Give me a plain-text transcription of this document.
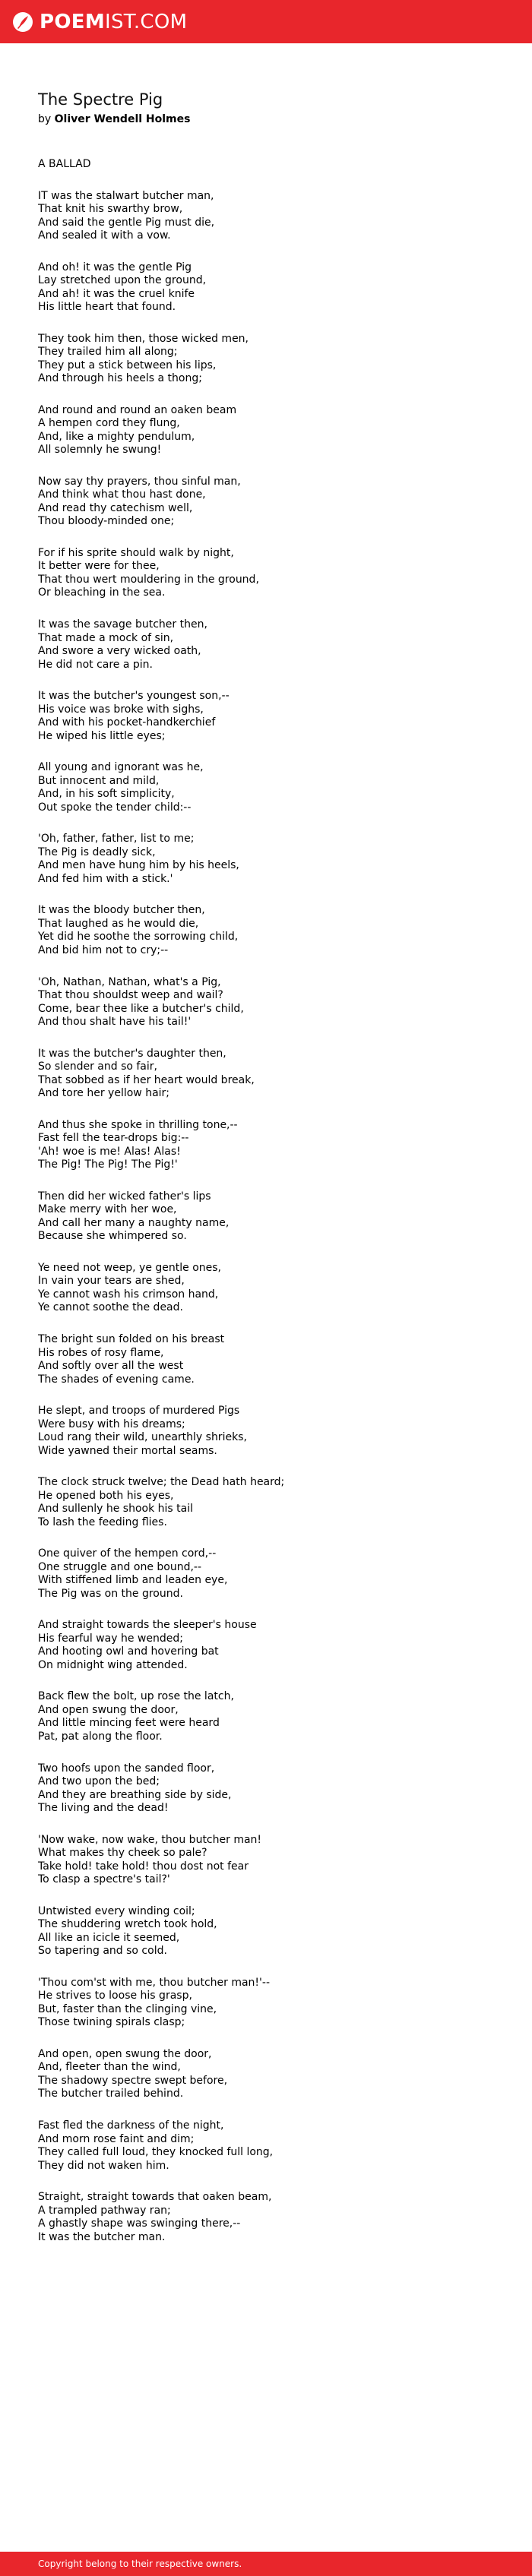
POEM IST.COM
The Spectre Pig
by Oliver Wendell Holmes
A BALLAD
IT was the stalwart butcher man,
That knit his swarthy brow,
And said the gentle Pig must die,
And sealed it with a vow.
And oh! it was the gentle Pig
Lay stretched upon the ground,
And ah! it was the cruel knife
His little heart that found.
They took him then, those wicked men,
They trailed him all along;
They put a stick between his lips,
And through his heels a thong;
And round and round an oaken beam
A hempen cord they flung,
And, like a mighty pendulum,
All solemnly he swung!
Now say thy prayers, thou sinful man,
And think what thou hast done,
And read thy catechism well,
Thou bloody-minded one;
For if his sprite should walk by night,
It better were for thee,
That thou wert mouldering in the ground,
Or bleaching in the sea.
It was the savage butcher then,
That made a mock of sin,
And swore a very wicked oath,
He did not care a pin.
It was the butcher's youngest son,--
His voice was broke with sighs,
And with his pocket-handkerchief
He wiped his little eyes;
All young and ignorant was he,
But innocent and mild,
And, in his soft simplicity,
Out spoke the tender child:--
'Oh, father, father, list to me;
The Pig is deadly sick,
And men have hung him by his heels,
And fed him with a stick.'
It was the bloody butcher then,
That laughed as he would die,
Yet did he soothe the sorrowing child,
And bid him not to cry;--
'Oh, Nathan, Nathan, what's a Pig,
That thou shouldst weep and wail?
Come, bear thee like a butcher's child,
And thou shalt have his tail!'
It was the butcher's daughter then,
So slender and so fair,
That sobbed as if her heart would break,
And tore her yellow hair;
And thus she spoke in thrilling tone,--
Fast fell the tear-drops big:--
'Ah! woe is me! Alas! Alas!
The Pig! The Pig! The Pig!'
Then did her wicked father's lips
Make merry with her woe,
And call her many a naughty name,
Because she whimpered so.
Ye need not weep, ye gentle ones,
In vain your tears are shed,
Ye cannot wash his crimson hand,
Ye cannot soothe the dead.
The bright sun folded on his breast
His robes of rosy flame,
And softly over all the west
The shades of evening came.
He slept, and troops of murdered Pigs
Were busy with his dreams;
Loud rang their wild, unearthly shrieks,
Wide yawned their mortal seams.
The clock struck twelve; the Dead hath heard;
He opened both his eyes,
And sullenly he shook his tail
To lash the feeding flies.
One quiver of the hempen cord,--
One struggle and one bound,--
With stiffened limb and leaden eye,
The Pig was on the ground.
And straight towards the sleeper's house
His fearful way he wended;
And hooting owl and hovering bat
On midnight wing attended.
Back flew the bolt, up rose the latch,
And open swung the door,
And little mincing feet were heard
Pat, pat along the floor.
Two hoofs upon the sanded floor,
And two upon the bed;
And they are breathing side by side,
The living and the dead!
'Now wake, now wake, thou butcher man!
What makes thy cheek so pale?
Take hold! take hold! thou dost not fear
To clasp a spectre's tail?'
Untwisted every winding coil;
The shuddering wretch took hold,
All like an icicle it seemed,
So tapering and so cold.
'Thou com'st with me, thou butcher man!'--
He strives to loose his grasp,
But, faster than the clinging vine,
Those twining spirals clasp;
And open, open swung the door,
And, fleeter than the wind,
The shadowy spectre swept before,
The butcher trailed behind.
Fast fled the darkness of the night,
And morn rose faint and dim;
They called full loud, they knocked full long,
They did not waken him.
Straight, straight towards that oaken beam,
A trampled pathway ran;
A ghastly shape was swinging there,--
It was the butcher man.
Copyright belong to their respective owners.
